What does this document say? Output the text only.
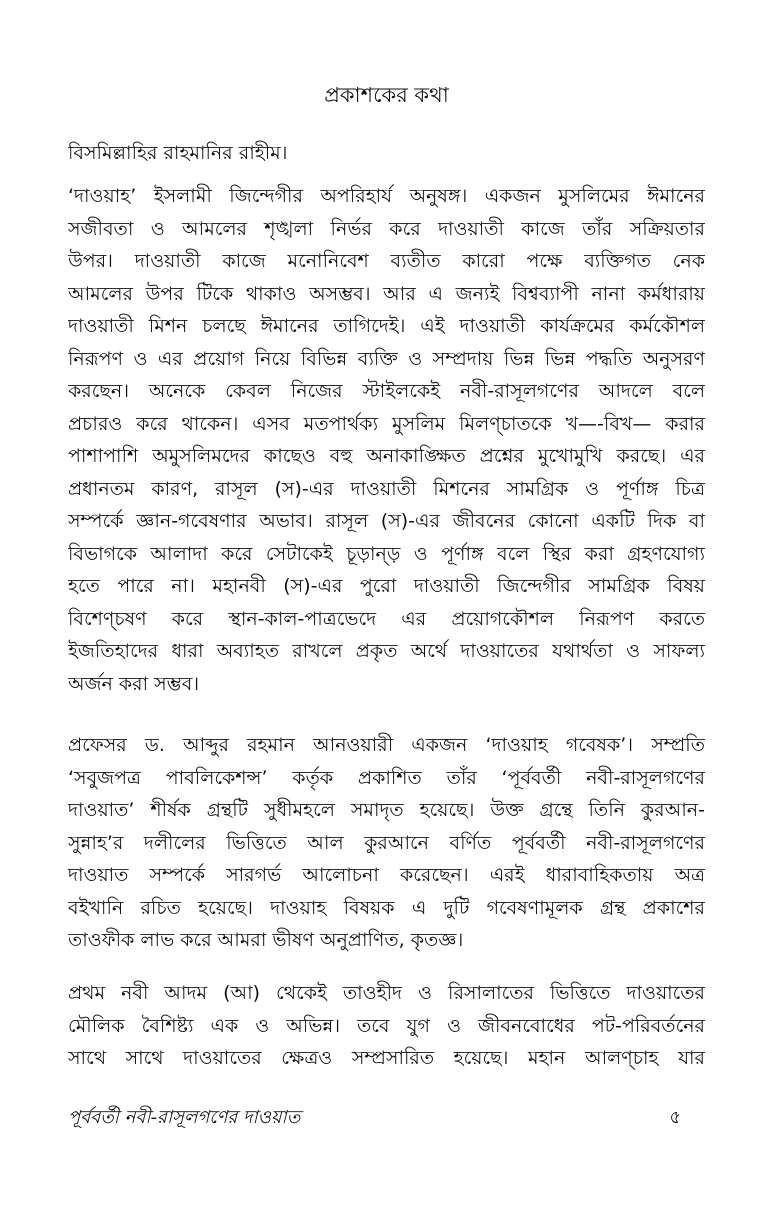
প্রকাশকের কথা
বিসমিল্লাহির রাহমানির রাহীম।
‘দাওয়াহ’ ইসলামী জিন্দেগীর অপরিহার্য অনুষঙ্গ। একজন মুসলিমের ঈমানের
সজীবতা ও আমলের শৃঙ্খলা নির্ভর করে দাওয়াতী কাজে তাঁর সক্রিয়তার
উপর। দাওয়াতী কাজে মনোনিবেশ ব্যতীত কারো পক্ষে ব্যক্তিগত নেক
আমলের উপর টিকে থাকাও অসম্ভব। আর এ জন্যই বিশ্বব্যাপী নানা কর্মধারায়
দাওয়াতী মিশন চলছে ঈমানের তাগিদেই। এই দাওয়াতী কার্যক্রমের কর্মকৌশল
নিরূপণ ও এর প্রয়োগ নিয়ে বিভিন্ন ব্যক্তি ও সম্প্রদায় ভিন্ন ভিন্ন পদ্ধতি অনুসরণ
করছেন। অনেকে কেবল নিজের স্টাইলকেই নবী-রাসূলগণের আদলে বলে
প্রচারও করে থাকেন। এসব মতপার্থক্য মুসলিম মিলণ্চাতকে খ—-বিখ— করার
পাশাপাশি অমুসলিমদের কাছেও বহু অনাকাঙ্ক্ষিত প্রশ্নের মুখোমুখি করছে। এর
প্রধানতম কারণ, রাসূল (স)-এর দাওয়াতী মিশনের সামগ্রিক ও পূর্ণাঙ্গ চিত্র
সম্পর্কে জ্ঞান-গবেষণার অভাব। রাসূল (স)-এর জীবনের কোনো একটি দিক বা
বিভাগকে আলাদা করে সেটাকেই চূড়ান্ড় ও পূর্ণাঙ্গ বলে স্থির করা গ্রহণযোগ্য
হতে পারে না। মহানবী (স)-এর পুরো দাওয়াতী জিন্দেগীর সামগ্রিক বিষয়
বিশেণ্চষণ করে স্থান-কাল-পাত্রভেদে এর প্রয়োগকৌশল নিরূপণ করতে
ইজতিহাদের ধারা অব্যাহত রাখলে প্রকৃত অর্থে দাওয়াতের যথার্থতা ও সাফল্য
অর্জন করা সম্ভব।
প্রফেসর ড. আব্দুর রহমান আনওয়ারী একজন ‘দাওয়াহ গবেষক’। সম্প্রতি
‘সবুজপত্র পাবলিকেশন্স’ কর্তৃক প্রকাশিত তাঁর ‘পূর্ববর্তী নবী-রাসূলগণের
দাওয়াত’ শীর্ষক গ্রন্থটি সুধীমহলে সমাদৃত হয়েছে। উক্ত গ্রন্থে তিনি কুরআন-
সুন্নাহ’র দলীলের ভিত্তিতে আল কুরআনে বর্ণিত পূর্ববর্তী নবী-রাসূলগণের
দাওয়াত সম্পর্কে সারগর্ভ আলোচনা করেছেন। এরই ধারাবাহিকতায় অত্র
বইখানি রচিত হয়েছে। দাওয়াহ বিষয়ক এ দুটি গবেষণামূলক গ্রন্থ প্রকাশের
তাওফীক লাভ করে আমরা ভীষণ অনুপ্রাণিত, কৃতজ্ঞ।
প্রথম নবী আদম (আ) থেকেই তাওহীদ ও রিসালাতের ভিত্তিতে দাওয়াতের
মৌলিক বৈশিষ্ট্য এক ও অভিন্ন। তবে যুগ ও জীবনবোধের পট-পরিবর্তনের
সাথে সাথে দাওয়াতের ক্ষেত্রও সম্প্রসারিত হয়েছে। মহান আলণ্চাহ যার
পূর্ববর্তী নবী-রাসূলগণের দাওয়াত	৫
